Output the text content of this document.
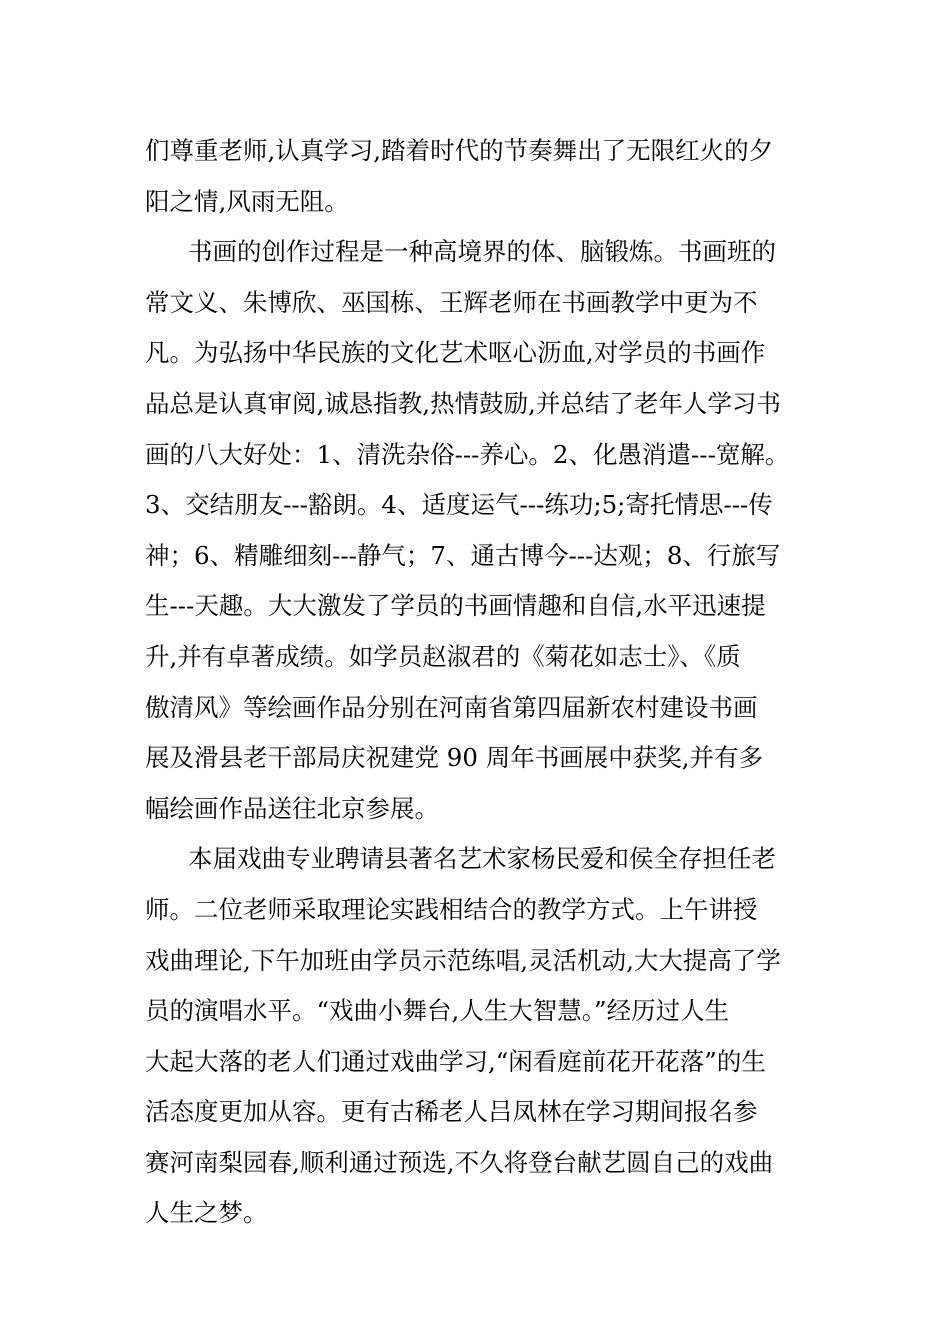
们尊重老师,认真学习,踏着时代的节奏舞出了无限红火的夕
阳之情,风雨无阻。
书画的创作过程是一种高境界的体、脑锻炼。书画班的
常文义、朱博欣、巫国栋、王辉老师在书画教学中更为不
凡。为弘扬中华民族的文化艺术呕心沥血,对学员的书画作
品总是认真审阅,诚恳指教,热情鼓励,并总结了老年人学习书
画的八大好处：1、清洗杂俗---养心。2、化愚消遣---宽解。
3、交结朋友---豁朗。4、适度运气---练功;5;寄托情思---传
神；6、精雕细刻---静气；7、通古博今---达观；8、行旅写
生---天趣。大大激发了学员的书画情趣和自信,水平迅速提
升,并有卓著成绩。如学员赵淑君的《菊花如志士》、《质
傲清风》等绘画作品分别在河南省第四届新农村建设书画
展及滑县老干部局庆祝建党 90 周年书画展中获奖,并有多
幅绘画作品送往北京参展。
本届戏曲专业聘请县著名艺术家杨民爱和侯全存担任老
师。二位老师采取理论实践相结合的教学方式。上午讲授
戏曲理论,下午加班由学员示范练唱,灵活机动,大大提高了学
员的演唱水平。“戏曲小舞台,人生大智慧。”经历过人生
大起大落的老人们通过戏曲学习,“闲看庭前花开花落”的生
活态度更加从容。更有古稀老人吕凤林在学习期间报名参
赛河南梨园春,顺利通过预选,不久将登台献艺圆自己的戏曲
人生之梦。
